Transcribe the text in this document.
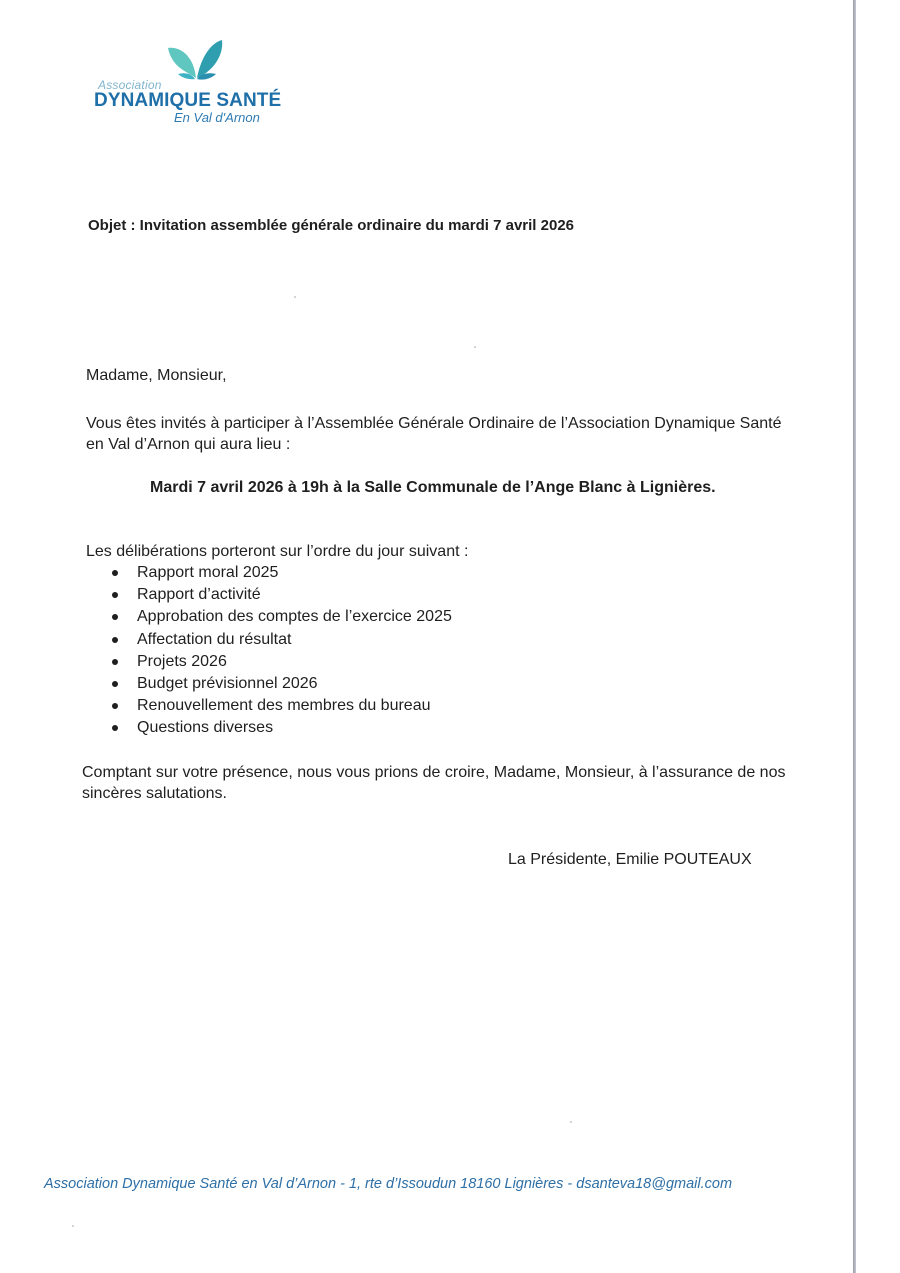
Association
DYNAMIQUE SANTÉ
En Val d'Arnon
Objet : Invitation assemblée générale ordinaire du mardi 7 avril 2026
Madame, Monsieur,
Vous êtes invités à participer à l’Assemblée Générale Ordinaire de l’Association Dynamique Santé en Val d’Arnon qui aura lieu :
Mardi 7 avril 2026 à 19h à la Salle Communale de l’Ange Blanc à Lignières.
Les délibérations porteront sur l’ordre du jour suivant :
Rapport moral 2025
Rapport d’activité
Approbation des comptes de l’exercice 2025
Affectation du résultat
Projets 2026
Budget prévisionnel 2026
Renouvellement des membres du bureau
Questions diverses
Comptant sur votre présence, nous vous prions de croire, Madame, Monsieur, à l’assurance de nos sincères salutations.
La Présidente, Emilie POUTEAUX
Association Dynamique Santé en Val d’Arnon - 1, rte d’Issoudun 18160 Lignières - dsanteva18@gmail.com
